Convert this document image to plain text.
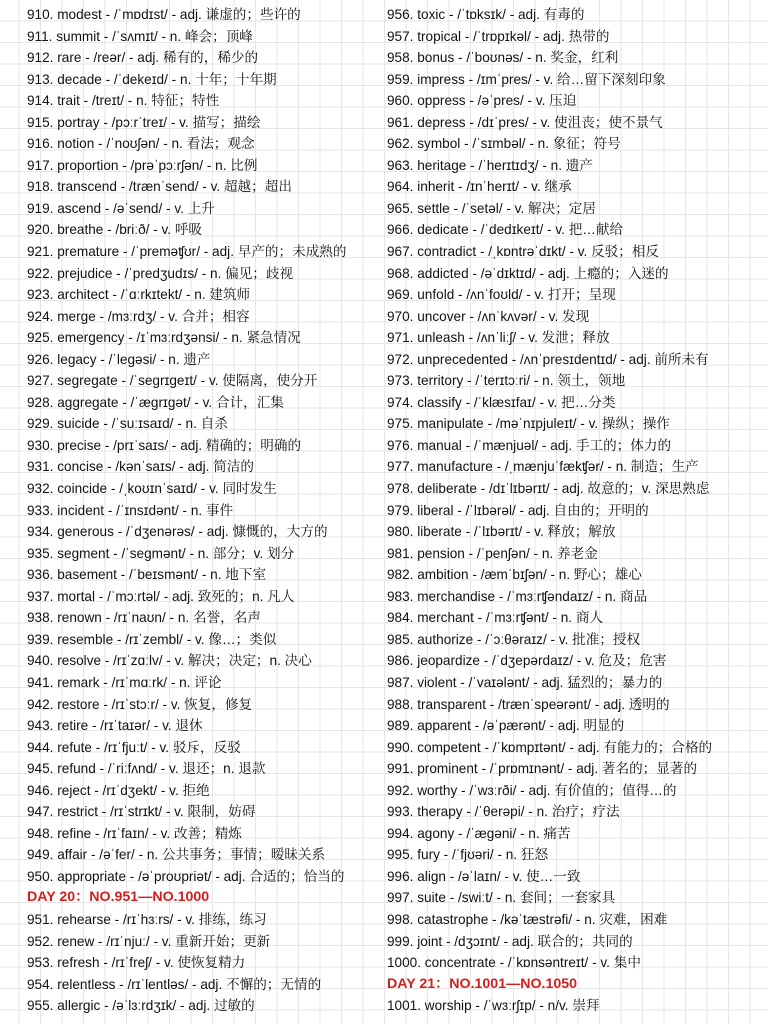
910. modest - /ˈmɒdɪst/ - adj. 谦虚的；些许的
911. summit - /ˈsʌmɪt/ - n. 峰会；顶峰
912. rare - /reər/ - adj. 稀有的，稀少的
913. decade - /ˈdekeɪd/ - n. 十年；十年期
914. trait - /treɪt/ - n. 特征；特性
915. portray - /pɔːrˈtreɪ/ - v. 描写；描绘
916. notion - /ˈnoʊʃən/ - n. 看法；观念
917. proportion - /prəˈpɔːrʃən/ - n. 比例
918. transcend - /trænˈsend/ - v. 超越；超出
919. ascend - /əˈsend/ - v. 上升
920. breathe - /briːð/ - v. 呼吸
921. premature - /ˈpreməʧʊr/ - adj. 早产的；未成熟的
922. prejudice - /ˈpredʒudɪs/ - n. 偏见；歧视
923. architect - /ˈɑːrkɪtekt/ - n. 建筑师
924. merge - /mɜːrdʒ/ - v. 合并；相容
925. emergency - /ɪˈmɜːrdʒənsi/ - n. 紧急情况
926. legacy - /ˈlegəsi/ - n. 遗产
927. segregate - /ˈsegrɪgeɪt/ - v. 使隔离，使分开
928. aggregate - /ˈægrɪgət/ - v. 合计，汇集
929. suicide - /ˈsuːɪsaɪd/ - n. 自杀
930. precise - /prɪˈsaɪs/ - adj. 精确的；明确的
931. concise - /kənˈsaɪs/ - adj. 简洁的
932. coincide - /ˌkoʊɪnˈsaɪd/ - v. 同时发生
933. incident - /ˈɪnsɪdənt/ - n. 事件
934. generous - /ˈdʒenərəs/ - adj. 慷慨的，大方的
935. segment - /ˈsegmənt/ - n. 部分；v. 划分
936. basement - /ˈbeɪsmənt/ - n. 地下室
937. mortal - /ˈmɔːrtəl/ - adj. 致死的；n. 凡人
938. renown - /rɪˈnaʊn/ - n. 名誉，名声
939. resemble - /rɪˈzembl/ - v. 像…；类似
940. resolve - /rɪˈzɑːlv/ - v. 解决；决定；n. 决心
941. remark - /rɪˈmɑːrk/ - n. 评论
942. restore - /rɪˈstɔːr/ - v. 恢复，修复
943. retire - /rɪˈtaɪər/ - v. 退休
944. refute - /rɪˈfjuːt/ - v. 驳斥，反驳
945. refund - /ˈriːfʌnd/ - v. 退还；n. 退款
946. reject - /rɪˈdʒekt/ - v. 拒绝
947. restrict - /rɪˈstrɪkt/ - v. 限制，妨碍
948. refine - /rɪˈfaɪn/ - v. 改善；精炼
949. affair - /əˈfer/ - n. 公共事务；事情；暧昧关系
950. appropriate - /əˈproʊpriət/ - adj. 合适的；恰当的
DAY 20：NO.951—NO.1000
951. rehearse - /rɪˈhɜːrs/ - v. 排练，练习
952. renew - /rɪˈnjuː/ - v. 重新开始；更新
953. refresh - /rɪˈfreʃ/ - v. 使恢复精力
954. relentless - /rɪˈlentləs/ - adj. 不懈的；无情的
955. allergic - /əˈlɜːrdʒɪk/ - adj. 过敏的
956. toxic - /ˈtɒksɪk/ - adj. 有毒的
957. tropical - /ˈtrɒpɪkəl/ - adj. 热带的
958. bonus - /ˈboʊnəs/ - n. 奖金，红利
959. impress - /ɪmˈpres/ - v. 给…留下深刻印象
960. oppress - /əˈpres/ - v. 压迫
961. depress - /dɪˈpres/ - v. 使沮丧；使不景气
962. symbol - /ˈsɪmbəl/ - n. 象征；符号
963. heritage - /ˈherɪtɪdʒ/ - n. 遗产
964. inherit - /ɪnˈherɪt/ - v. 继承
965. settle - /ˈsetəl/ - v. 解决；定居
966. dedicate - /ˈdedɪkeɪt/ - v. 把…献给
967. contradict - /ˌkɒntrəˈdɪkt/ - v. 反驳；相反
968. addicted - /əˈdɪktɪd/ - adj. 上瘾的；入迷的
969. unfold - /ʌnˈfoʊld/ - v. 打开；呈现
970. uncover - /ʌnˈkʌvər/ - v. 发现
971. unleash - /ʌnˈliːʃ/ - v. 发泄；释放
972. unprecedented - /ʌnˈpresɪdentɪd/ - adj. 前所未有
973. territory - /ˈterɪtɔːri/ - n. 领土，领地
974. classify - /ˈklæsɪfaɪ/ - v. 把…分类
975. manipulate - /məˈnɪpjuleɪt/ - v. 操纵；操作
976. manual - /ˈmænjuəl/ - adj. 手工的；体力的
977. manufacture - /ˌmænjuˈfækʧər/ - n. 制造；生产
978. deliberate - /dɪˈlɪbərɪt/ - adj. 故意的；v. 深思熟虑
979. liberal - /ˈlɪbərəl/ - adj. 自由的；开明的
980. liberate - /ˈlɪbərɪt/ - v. 释放；解放
981. pension - /ˈpenʃən/ - n. 养老金
982. ambition - /æmˈbɪʃən/ - n. 野心；雄心
983. merchandise - /ˈmɜːrʧəndaɪz/ - n. 商品
984. merchant - /ˈmɜːrʧənt/ - n. 商人
985. authorize - /ˈɔːθəraɪz/ - v. 批准；授权
986. jeopardize - /ˈdʒepərdaɪz/ - v. 危及；危害
987. violent - /ˈvaɪələnt/ - adj. 猛烈的；暴力的
988. transparent - /trænˈspeərənt/ - adj. 透明的
989. apparent - /əˈpærənt/ - adj. 明显的
990. competent - /ˈkɒmpɪtənt/ - adj. 有能力的；合格的
991. prominent - /ˈprɒmɪnənt/ - adj. 著名的；显著的
992. worthy - /ˈwɜːrði/ - adj. 有价值的；值得…的
993. therapy - /ˈθerəpi/ - n. 治疗；疗法
994. agony - /ˈægəni/ - n. 痛苦
995. fury - /ˈfjʊəri/ - n. 狂怒
996. align - /əˈlaɪn/ - v. 使…一致
997. suite - /swiːt/ - n. 套间；一套家具
998. catastrophe - /kəˈtæstrəfi/ - n. 灾难，困难
999. joint - /dʒɔɪnt/ - adj. 联合的；共同的
1000. concentrate - /ˈkɒnsəntreɪt/ - v. 集中
DAY 21：NO.1001—NO.1050
1001. worship - /ˈwɜːrʃɪp/ - n/v. 崇拜
